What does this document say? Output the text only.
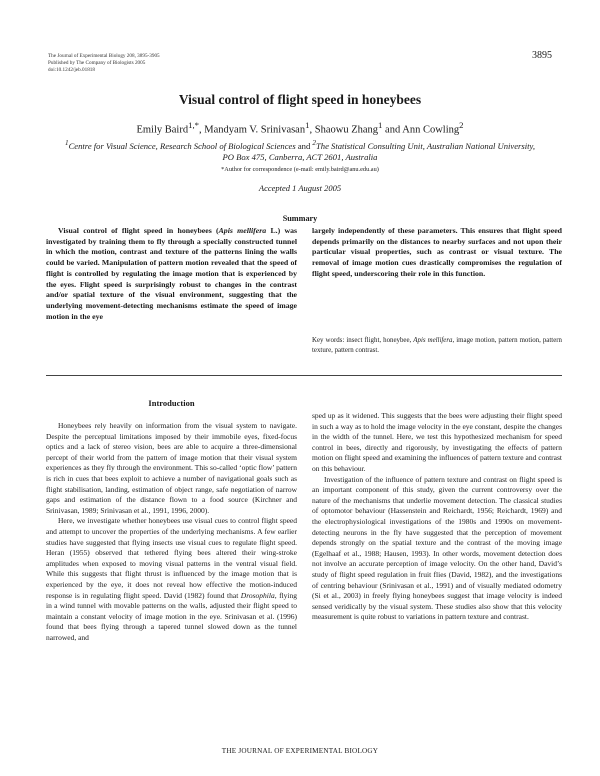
The Journal of Experimental Biology 208, 3895-3905
Published by The Company of Biologists 2005
doi:10.1242/jeb.01818
3895
Visual control of flight speed in honeybees
Emily Baird$^{1,*}$, Mandyam V. Srinivasan$^1$, Shaowu Zhang$^1$ and Ann Cowling$^2$
$^1$Centre for Visual Science, Research School of Biological Sciences and $^2$The Statistical Consulting Unit, Australian National University, PO Box 475, Canberra, ACT 2601, Australia
*Author for correspondence (e-mail: emily.baird@anu.edu.au)
Accepted 1 August 2005
Summary
Visual control of flight speed in honeybees (Apis mellifera L.) was investigated by training them to fly through a specially constructed tunnel in which the motion, contrast and texture of the patterns lining the walls could be varied. Manipulation of pattern motion revealed that the speed of flight is controlled by regulating the image motion that is experienced by the eyes. Flight speed is surprisingly robust to changes in the contrast and/or spatial texture of the visual environment, suggesting that the underlying movement-detecting mechanisms estimate the speed of image motion in the eye
largely independently of these parameters. This ensures that flight speed depends primarily on the distances to nearby surfaces and not upon their particular visual properties, such as contrast or visual texture. The removal of image motion cues drastically compromises the regulation of flight speed, underscoring their role in this function.
Key words: insect flight, honeybee, Apis mellifera, image motion, pattern motion, pattern texture, pattern contrast.
Introduction

Honeybees rely heavily on information from the visual system to navigate. Despite the perceptual limitations imposed by their immobile eyes, fixed-focus optics and a lack of stereo vision, bees are able to acquire a three-dimensional percept of their world from the pattern of image motion that their visual system experiences as they fly through the environment. This so-called ‘optic flow’ pattern is rich in cues that bees exploit to achieve a number of navigational goals such as flight stabilisation, landing, estimation of object range, safe negotiation of narrow gaps and estimation of the distance flown to a food source (Kirchner and Srinivasan, 1989; Srinivasan et al., 1991, 1996, 2000).

Here, we investigate whether honeybees use visual cues to control flight speed and attempt to uncover the properties of the underlying mechanisms. A few earlier studies have suggested that flying insects use visual cues to regulate flight speed. Heran (1955) observed that tethered flying bees altered their wing-stroke amplitudes when exposed to moving visual patterns in the ventral visual field. While this suggests that flight thrust is influenced by the image motion that is experienced by the eye, it does not reveal how effective the motion-induced response is in regulating flight speed. David (1982) found that Drosophila, flying in a wind tunnel with movable patterns on the walls, adjusted their flight speed to maintain a constant velocity of image motion in the eye. Srinivasan et al. (1996) found that bees flying through a tapered tunnel slowed down as the tunnel narrowed, and

sped up as it widened. This suggests that the bees were adjusting their flight speed in such a way as to hold the image velocity in the eye constant, despite the changes in the width of the tunnel. Here, we test this hypothesized mechanism for speed control in bees, directly and rigorously, by investigating the effects of pattern motion on flight speed and examining the influences of pattern texture and contrast on this behaviour.

Investigation of the influence of pattern texture and contrast on flight speed is an important component of this study, given the current controversy over the nature of the mechanisms that underlie movement detection. The classical studies of optomotor behaviour (Hassenstein and Reichardt, 1956; Reichardt, 1969) and the electrophysiological investigations of the 1980s and 1990s on movement-detecting neurons in the fly have suggested that the perception of movement depends strongly on the spatial texture and the contrast of the moving image (Egelhaaf et al., 1988; Hausen, 1993). In other words, movement detection does not involve an accurate perception of image velocity. On the other hand, David’s study of flight speed regulation in fruit flies (David, 1982), and the investigations of centring behaviour (Srinivasan et al., 1991) and of visually mediated odometry (Si et al., 2003) in freely flying honeybees suggest that image velocity is indeed sensed veridically by the visual system. These studies also show that this velocity measurement is quite robust to variations in pattern texture and contrast.

THE JOURNAL OF EXPERIMENTAL BIOLOGY
